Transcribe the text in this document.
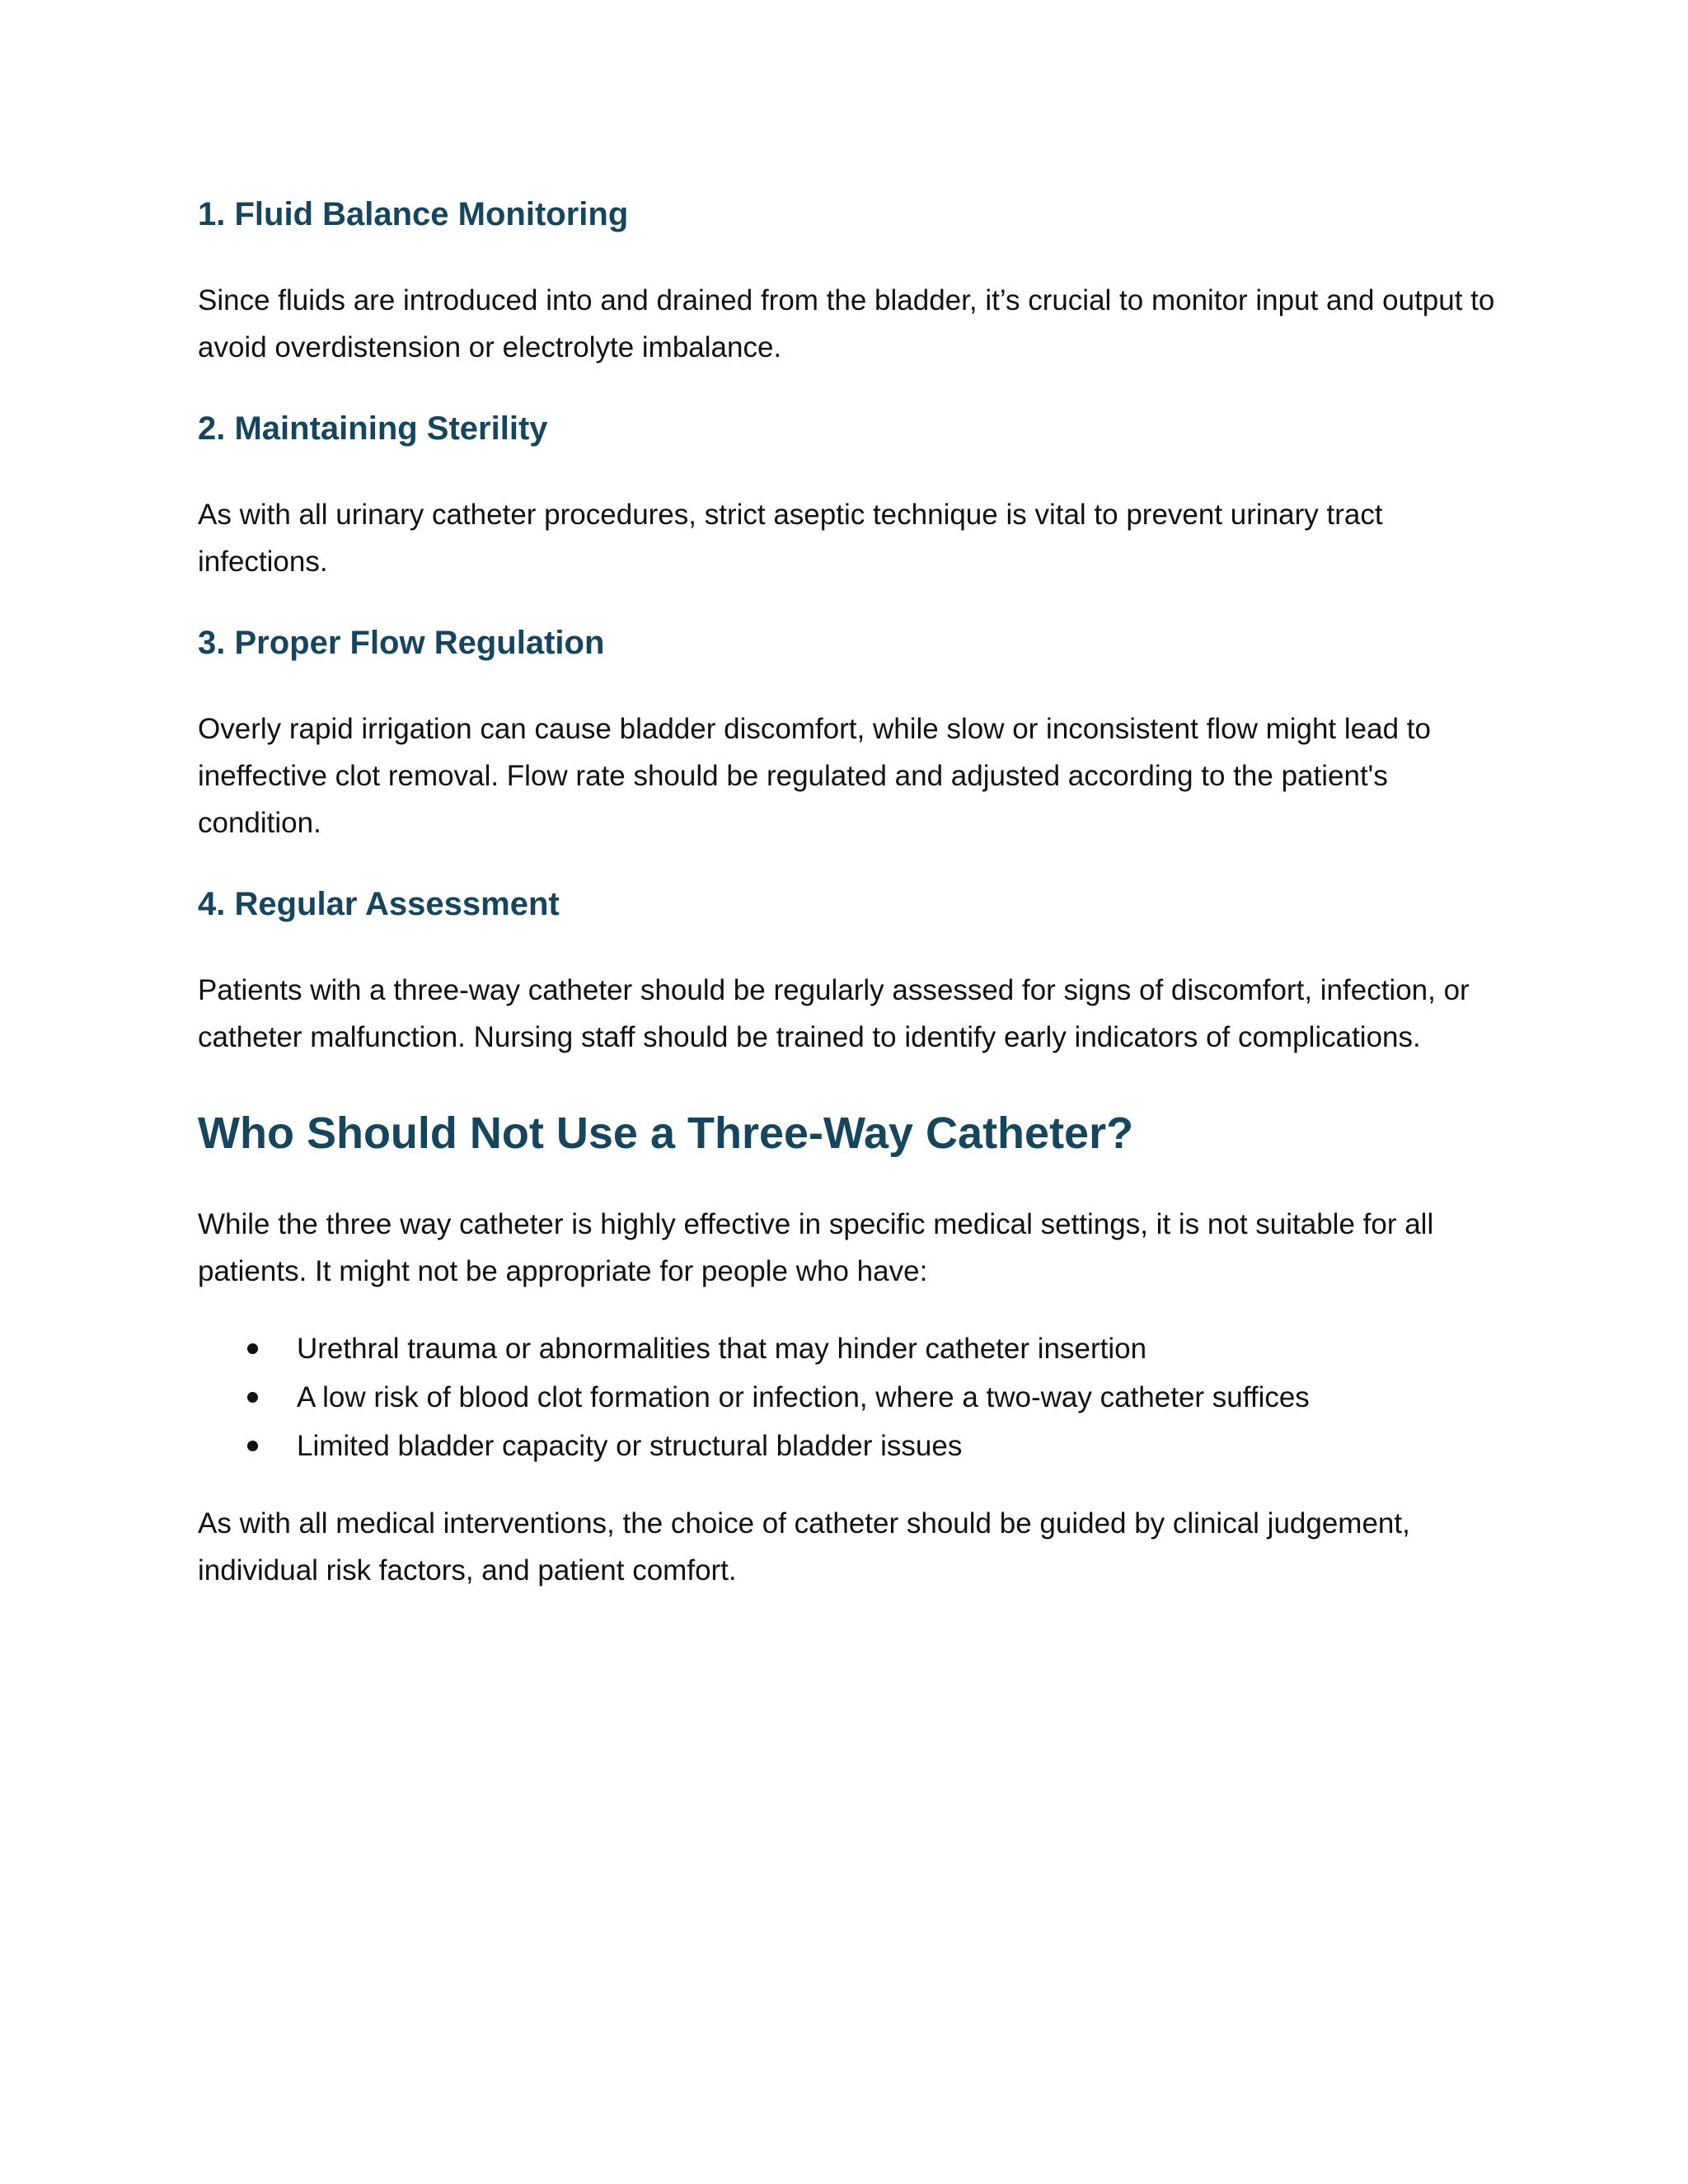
1. Fluid Balance Monitoring

Since fluids are introduced into and drained from the bladder, it’s crucial to monitor input and output to avoid overdistension or electrolyte imbalance.

2. Maintaining Sterility

As with all urinary catheter procedures, strict aseptic technique is vital to prevent urinary tract infections.

3. Proper Flow Regulation

Overly rapid irrigation can cause bladder discomfort, while slow or inconsistent flow might lead to ineffective clot removal. Flow rate should be regulated and adjusted according to the patient's condition.

4. Regular Assessment

Patients with a three-way catheter should be regularly assessed for signs of discomfort, infection, or catheter malfunction. Nursing staff should be trained to identify early indicators of complications.

Who Should Not Use a Three-Way Catheter?

While the three way catheter is highly effective in specific medical settings, it is not suitable for all patients. It might not be appropriate for people who have:

Urethral trauma or abnormalities that may hinder catheter insertion
A low risk of blood clot formation or infection, where a two-way catheter suffices
Limited bladder capacity or structural bladder issues

As with all medical interventions, the choice of catheter should be guided by clinical judgement, individual risk factors, and patient comfort.
